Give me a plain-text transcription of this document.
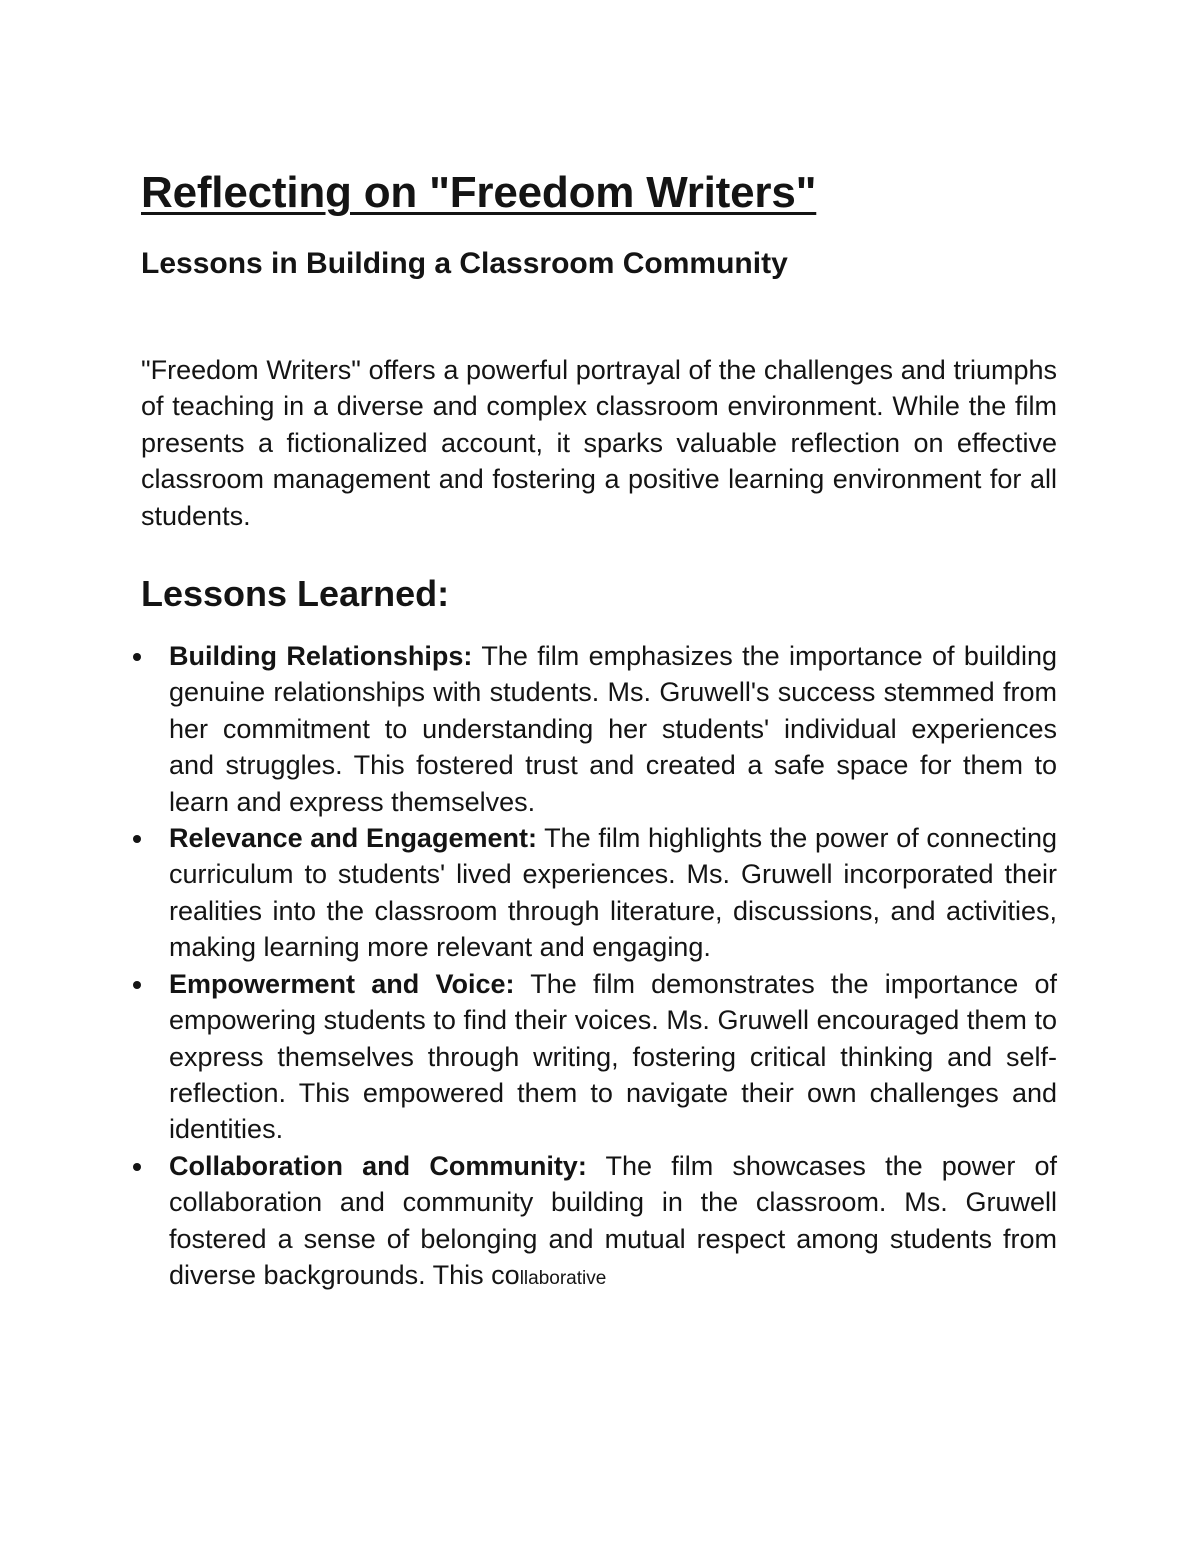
Reflecting on "Freedom Writers"
Lessons in Building a Classroom Community

"Freedom Writers" offers a powerful portrayal of the challenges and triumphs of teaching in a diverse and complex classroom environment. While the film presents a fictionalized account, it sparks valuable reflection on effective classroom management and fostering a positive learning environment for all students.

Lessons Learned:
Building Relationships: The film emphasizes the importance of building genuine relationships with students. Ms. Gruwell's success stemmed from her commitment to understanding her students' individual experiences and struggles. This fostered trust and created a safe space for them to learn and express themselves.
Relevance and Engagement: The film highlights the power of connecting curriculum to students' lived experiences. Ms. Gruwell incorporated their realities into the classroom through literature, discussions, and activities, making learning more relevant and engaging.
Empowerment and Voice: The film demonstrates the importance of empowering students to find their voices. Ms. Gruwell encouraged them to express themselves through writing, fostering critical thinking and self-reflection. This empowered them to navigate their own challenges and identities.
Collaboration and Community: The film showcases the power of collaboration and community building in the classroom. Ms. Gruwell fostered a sense of belonging and mutual respect among students from diverse backgrounds. This collaborative
